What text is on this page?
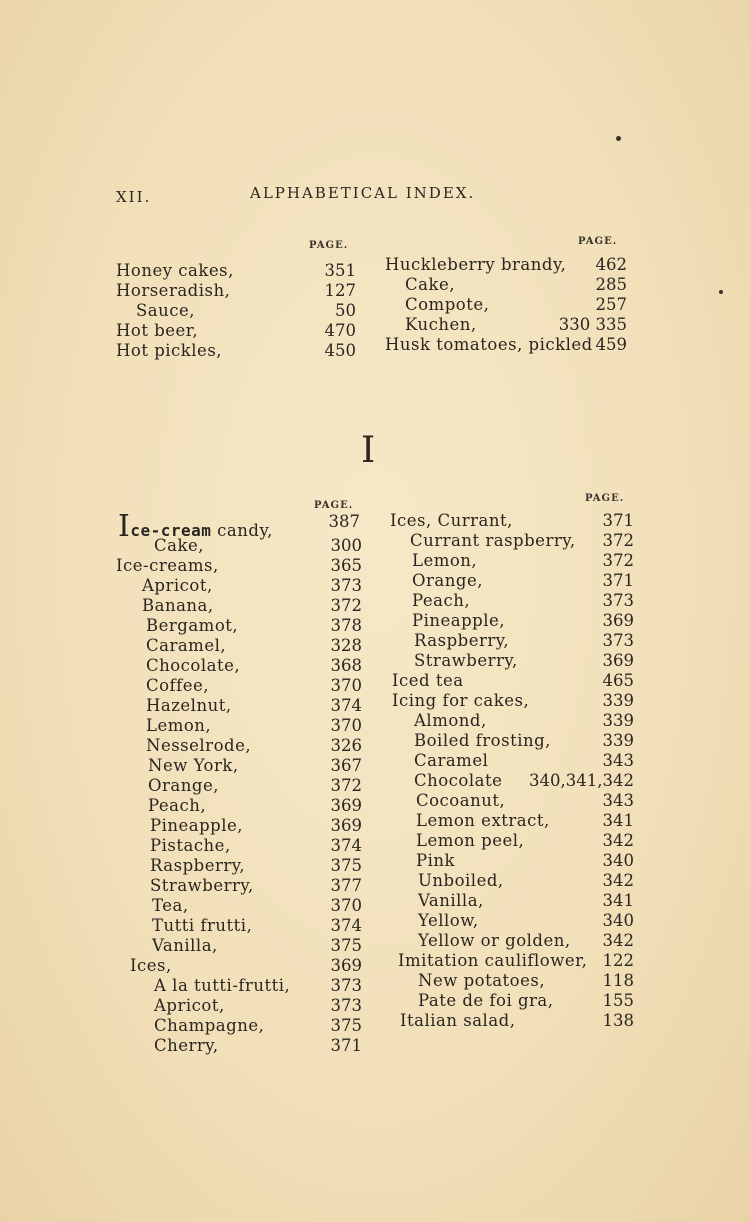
XII.	ALPHABETICAL INDEX.
PAGE.	PAGE.
Honey cakes,	351
Horseradish,	127
Sauce,	50
Hot beer,	470
Hot pickles,	450
Huckleberry brandy,	462
Cake,	285
Compote,	257
Kuchen,	330 335
Husk tomatoes, pickled 459
I
PAGE.
PAGE.
Ice-cream candy,	387
Cake,	300
Ice-creams,	365
Apricot,	373
Banana,	372
Bergamot,	378
Caramel,	328
Chocolate,	368
Coffee,	370
Hazelnut,	374
Lemon,	370
Nesselrode,	326
New York,	367
Orange,	372
Peach,	369
Pineapple,	369
Pistache,	374
Raspberry,	375
Strawberry,	377
Tea,	370
Tutti frutti,	374
Vanilla,	375
Ices,	369
A la tutti-frutti,	373
Apricot,	373
Champagne,	375
Cherry,	371
Ices, Currant,	371
Currant raspberry,	372
Lemon,	372
Orange,	371
Peach,	373
Pineapple,	369
Raspberry,	373
Strawberry,	369
Iced tea	465
Icing for cakes,	339
Almond,	339
Boiled frosting,	339
Caramel	343
Chocolate	340,341,342
Cocoanut,	343
Lemon extract,	341
Lemon peel,	342
Pink	340
Unboiled,	342
Vanilla,	341
Yellow,	340
Yellow or golden,	342
Imitation cauliflower, 122
New potatoes,	118
Pate de foi gra,	155
Italian salad,	138
